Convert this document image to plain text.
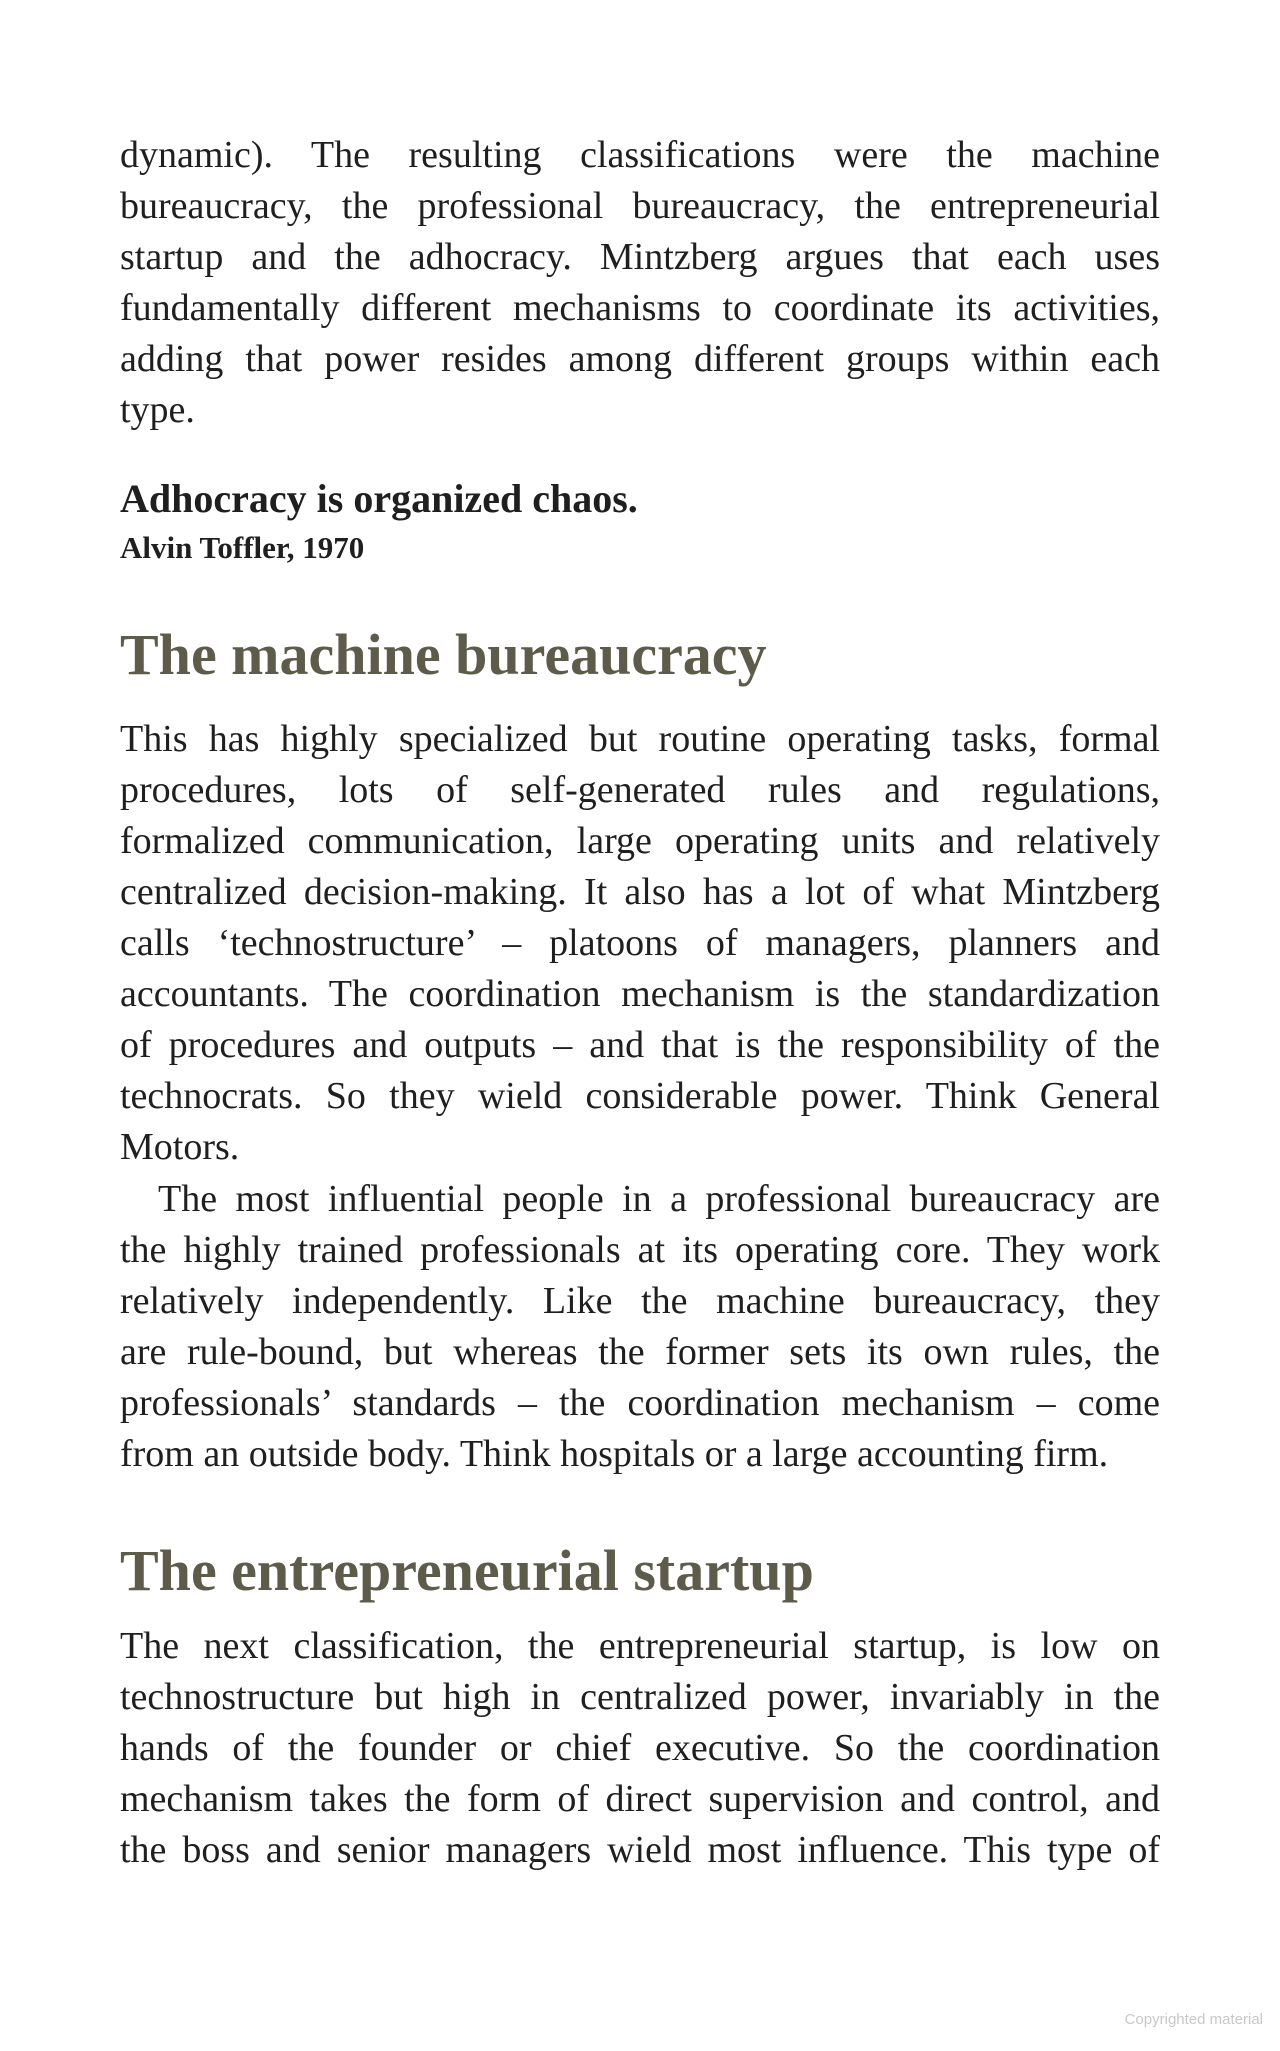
dynamic). The resulting classifications were the machine
bureaucracy, the professional bureaucracy, the entrepreneurial
startup and the adhocracy. Mintzberg argues that each uses
fundamentally different mechanisms to coordinate its activities,
adding that power resides among different groups within each
type.
Adhocracy is organized chaos.
Alvin Toffler, 1970
The machine bureaucracy
This has highly specialized but routine operating tasks, formal
procedures, lots of self-generated rules and regulations,
formalized communication, large operating units and relatively
centralized decision-making. It also has a lot of what Mintzberg
calls ‘technostructure’ – platoons of managers, planners and
accountants. The coordination mechanism is the standardization
of procedures and outputs – and that is the responsibility of the
technocrats. So they wield considerable power. Think General
Motors.
The most influential people in a professional bureaucracy are
the highly trained professionals at its operating core. They work
relatively independently. Like the machine bureaucracy, they
are rule-bound, but whereas the former sets its own rules, the
professionals’ standards – the coordination mechanism – come
from an outside body. Think hospitals or a large accounting firm.
The entrepreneurial startup
The next classification, the entrepreneurial startup, is low on
technostructure but high in centralized power, invariably in the
hands of the founder or chief executive. So the coordination
mechanism takes the form of direct supervision and control, and
the boss and senior managers wield most influence. This type of
Copyrighted material
